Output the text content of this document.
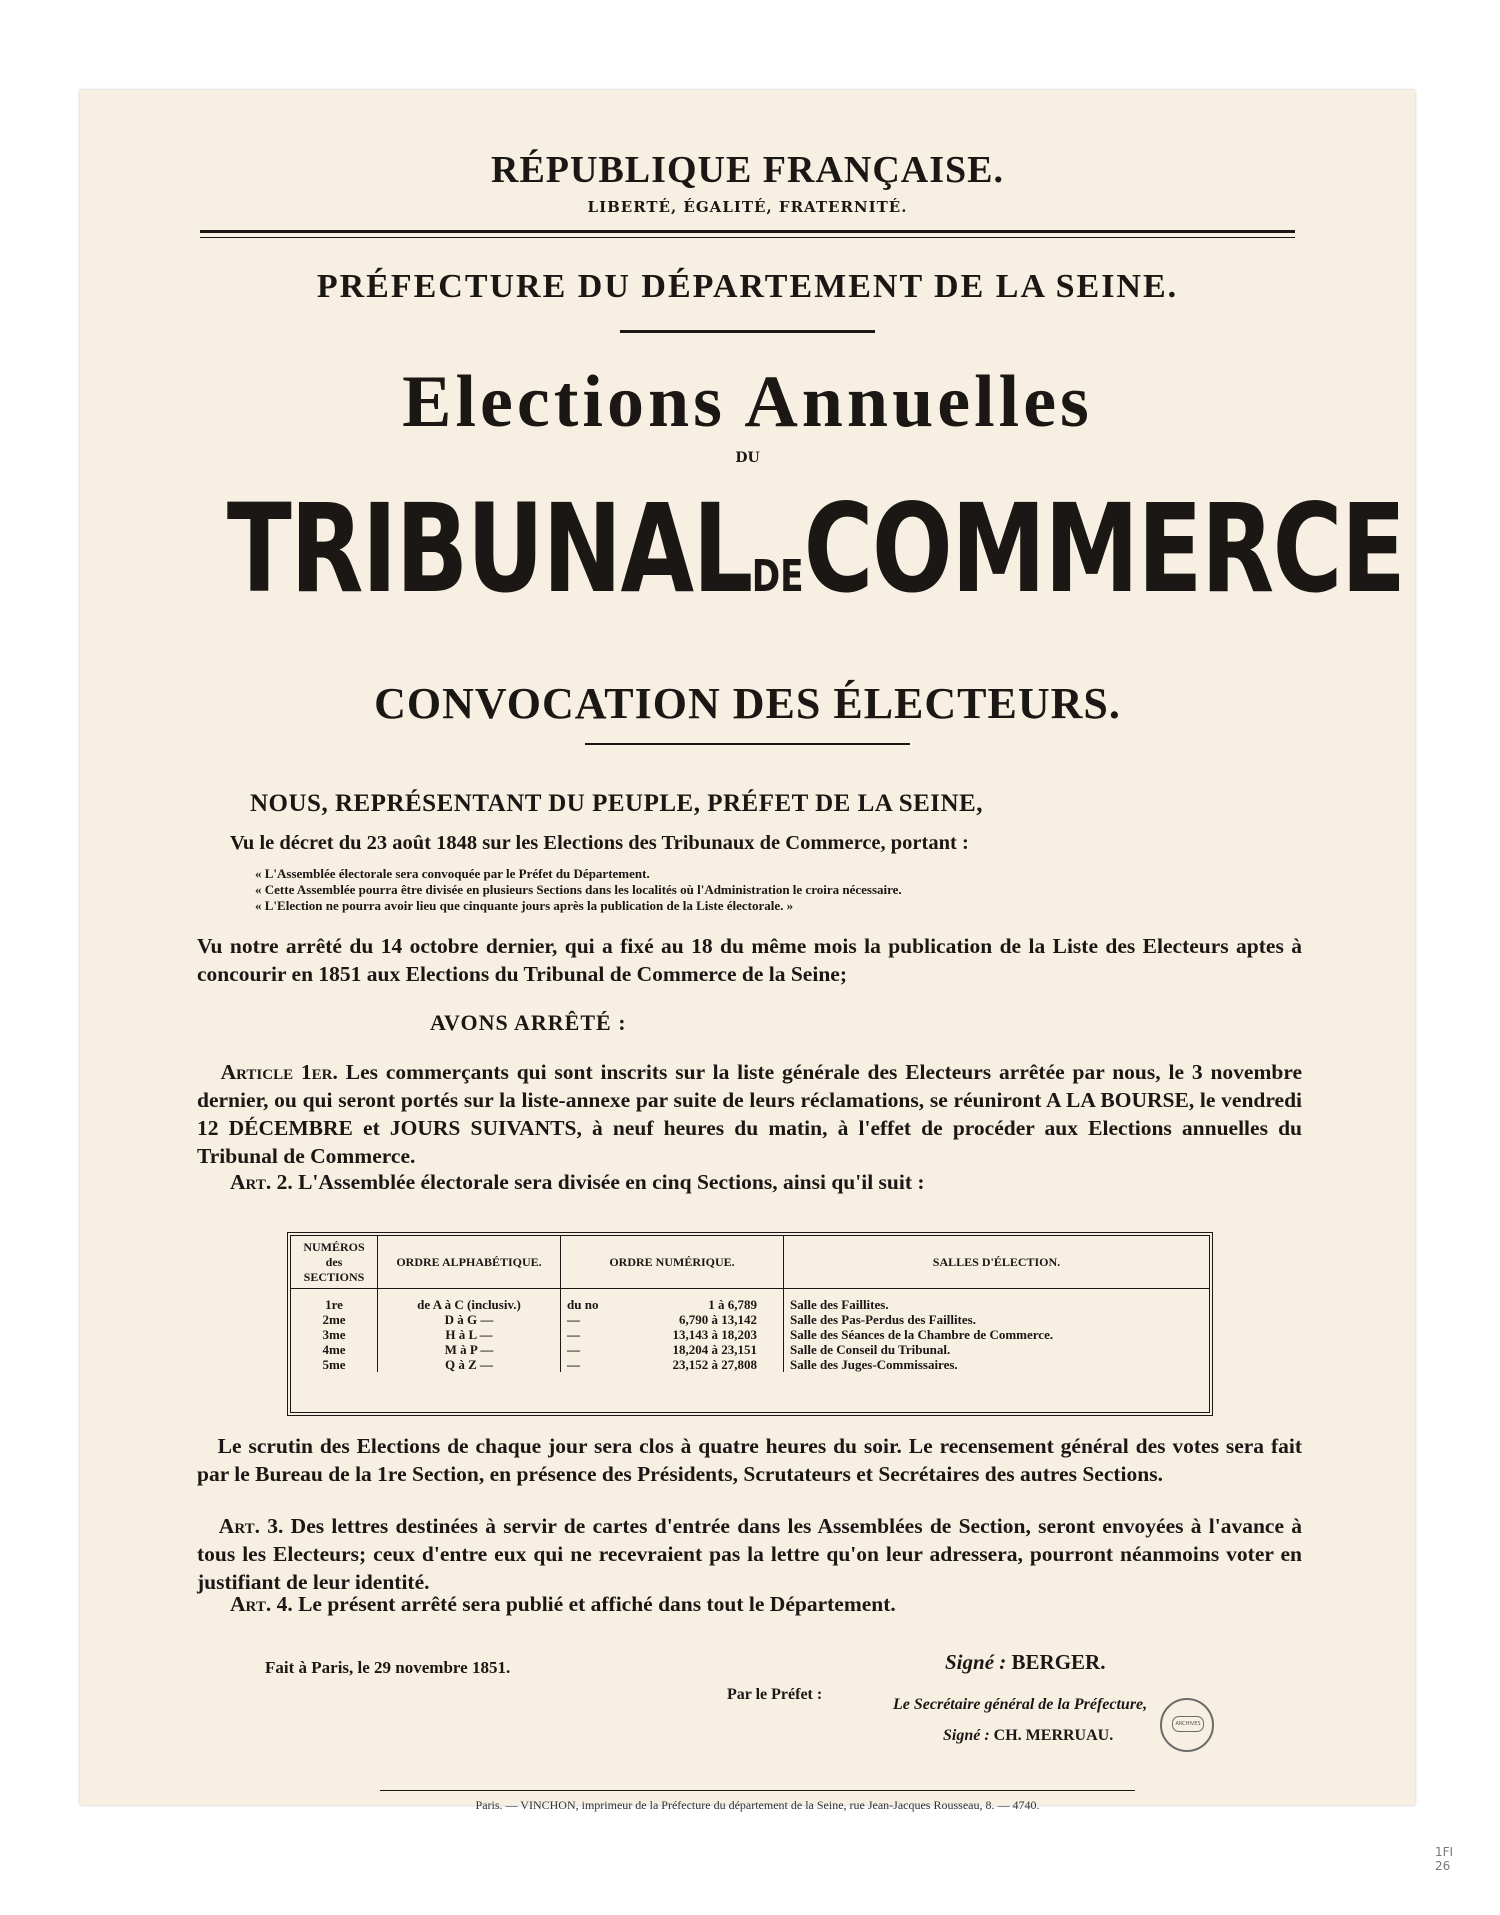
RÉPUBLIQUE FRANÇAISE.
LIBERTÉ, ÉGALITÉ, FRATERNITÉ.
PRÉFECTURE DU DÉPARTEMENT DE LA SEINE.
Elections Annuelles
DU
TRIBUNALDECOMMERCE
CONVOCATION DES ÉLECTEURS.
NOUS, REPRÉSENTANT DU PEUPLE, PRÉFET DE LA SEINE,
Vu le décret du 23 août 1848 sur les Elections des Tribunaux de Commerce, portant :
« L'Assemblée électorale sera convoquée par le Préfet du Département.
« Cette Assemblée pourra être divisée en plusieurs Sections dans les localités où l'Administration le croira nécessaire.
« L'Election ne pourra avoir lieu que cinquante jours après la publication de la Liste électorale. »
Vu notre arrêté du 14 octobre dernier, qui a fixé au 18 du même mois la publication de la Liste des Electeurs aptes à concourir en 1851 aux Elections du Tribunal de Commerce de la Seine;
AVONS ARRÊTÉ :
Article 1er. Les commerçants qui sont inscrits sur la liste générale des Electeurs arrêtée par nous, le 3 novembre dernier, ou qui seront portés sur la liste-annexe par suite de leurs réclamations, se réuniront A LA BOURSE, le vendredi 12 DÉCEMBRE et JOURS SUIVANTS, à neuf heures du matin, à l'effet de procéder aux Elections annuelles du Tribunal de Commerce.
Art. 2. L'Assemblée électorale sera divisée en cinq Sections, ainsi qu'il suit :
NUMÉROS des SECTIONS	ORDRE ALPHABÉTIQUE.	ORDRE NUMÉRIQUE.	SALLES D'ÉLECTION.
1re	de A à C (inclusiv.)	du no 1 à 6,789	Salle des Faillites.
2me	D à G —	— 6,790 à 13,142	Salle des Pas-Perdus des Faillites.
3me	H à L —	— 13,143 à 18,203	Salle des Séances de la Chambre de Commerce.
4me	M à P —	— 18,204 à 23,151	Salle de Conseil du Tribunal.
5me	Q à Z —	— 23,152 à 27,808	Salle des Juges-Commissaires.
Le scrutin des Elections de chaque jour sera clos à quatre heures du soir. Le recensement général des votes sera fait par le Bureau de la 1re Section, en présence des Présidents, Scrutateurs et Secrétaires des autres Sections.
Art. 3. Des lettres destinées à servir de cartes d'entrée dans les Assemblées de Section, seront envoyées à l'avance à tous les Electeurs; ceux d'entre eux qui ne recevraient pas la lettre qu'on leur adressera, pourront néanmoins voter en justifiant de leur identité.
Art. 4. Le présent arrêté sera publié et affiché dans tout le Département.
Fait à Paris, le 29 novembre 1851.
Par le Préfet :
Signé : BERGER.
Le Secrétaire général de la Préfecture,
Signé : CH. MERRUAU.
ARCHIVES
Paris. — VINCHON, imprimeur de la Préfecture du département de la Seine, rue Jean-Jacques Rousseau, 8. — 4740.
1FI 26
